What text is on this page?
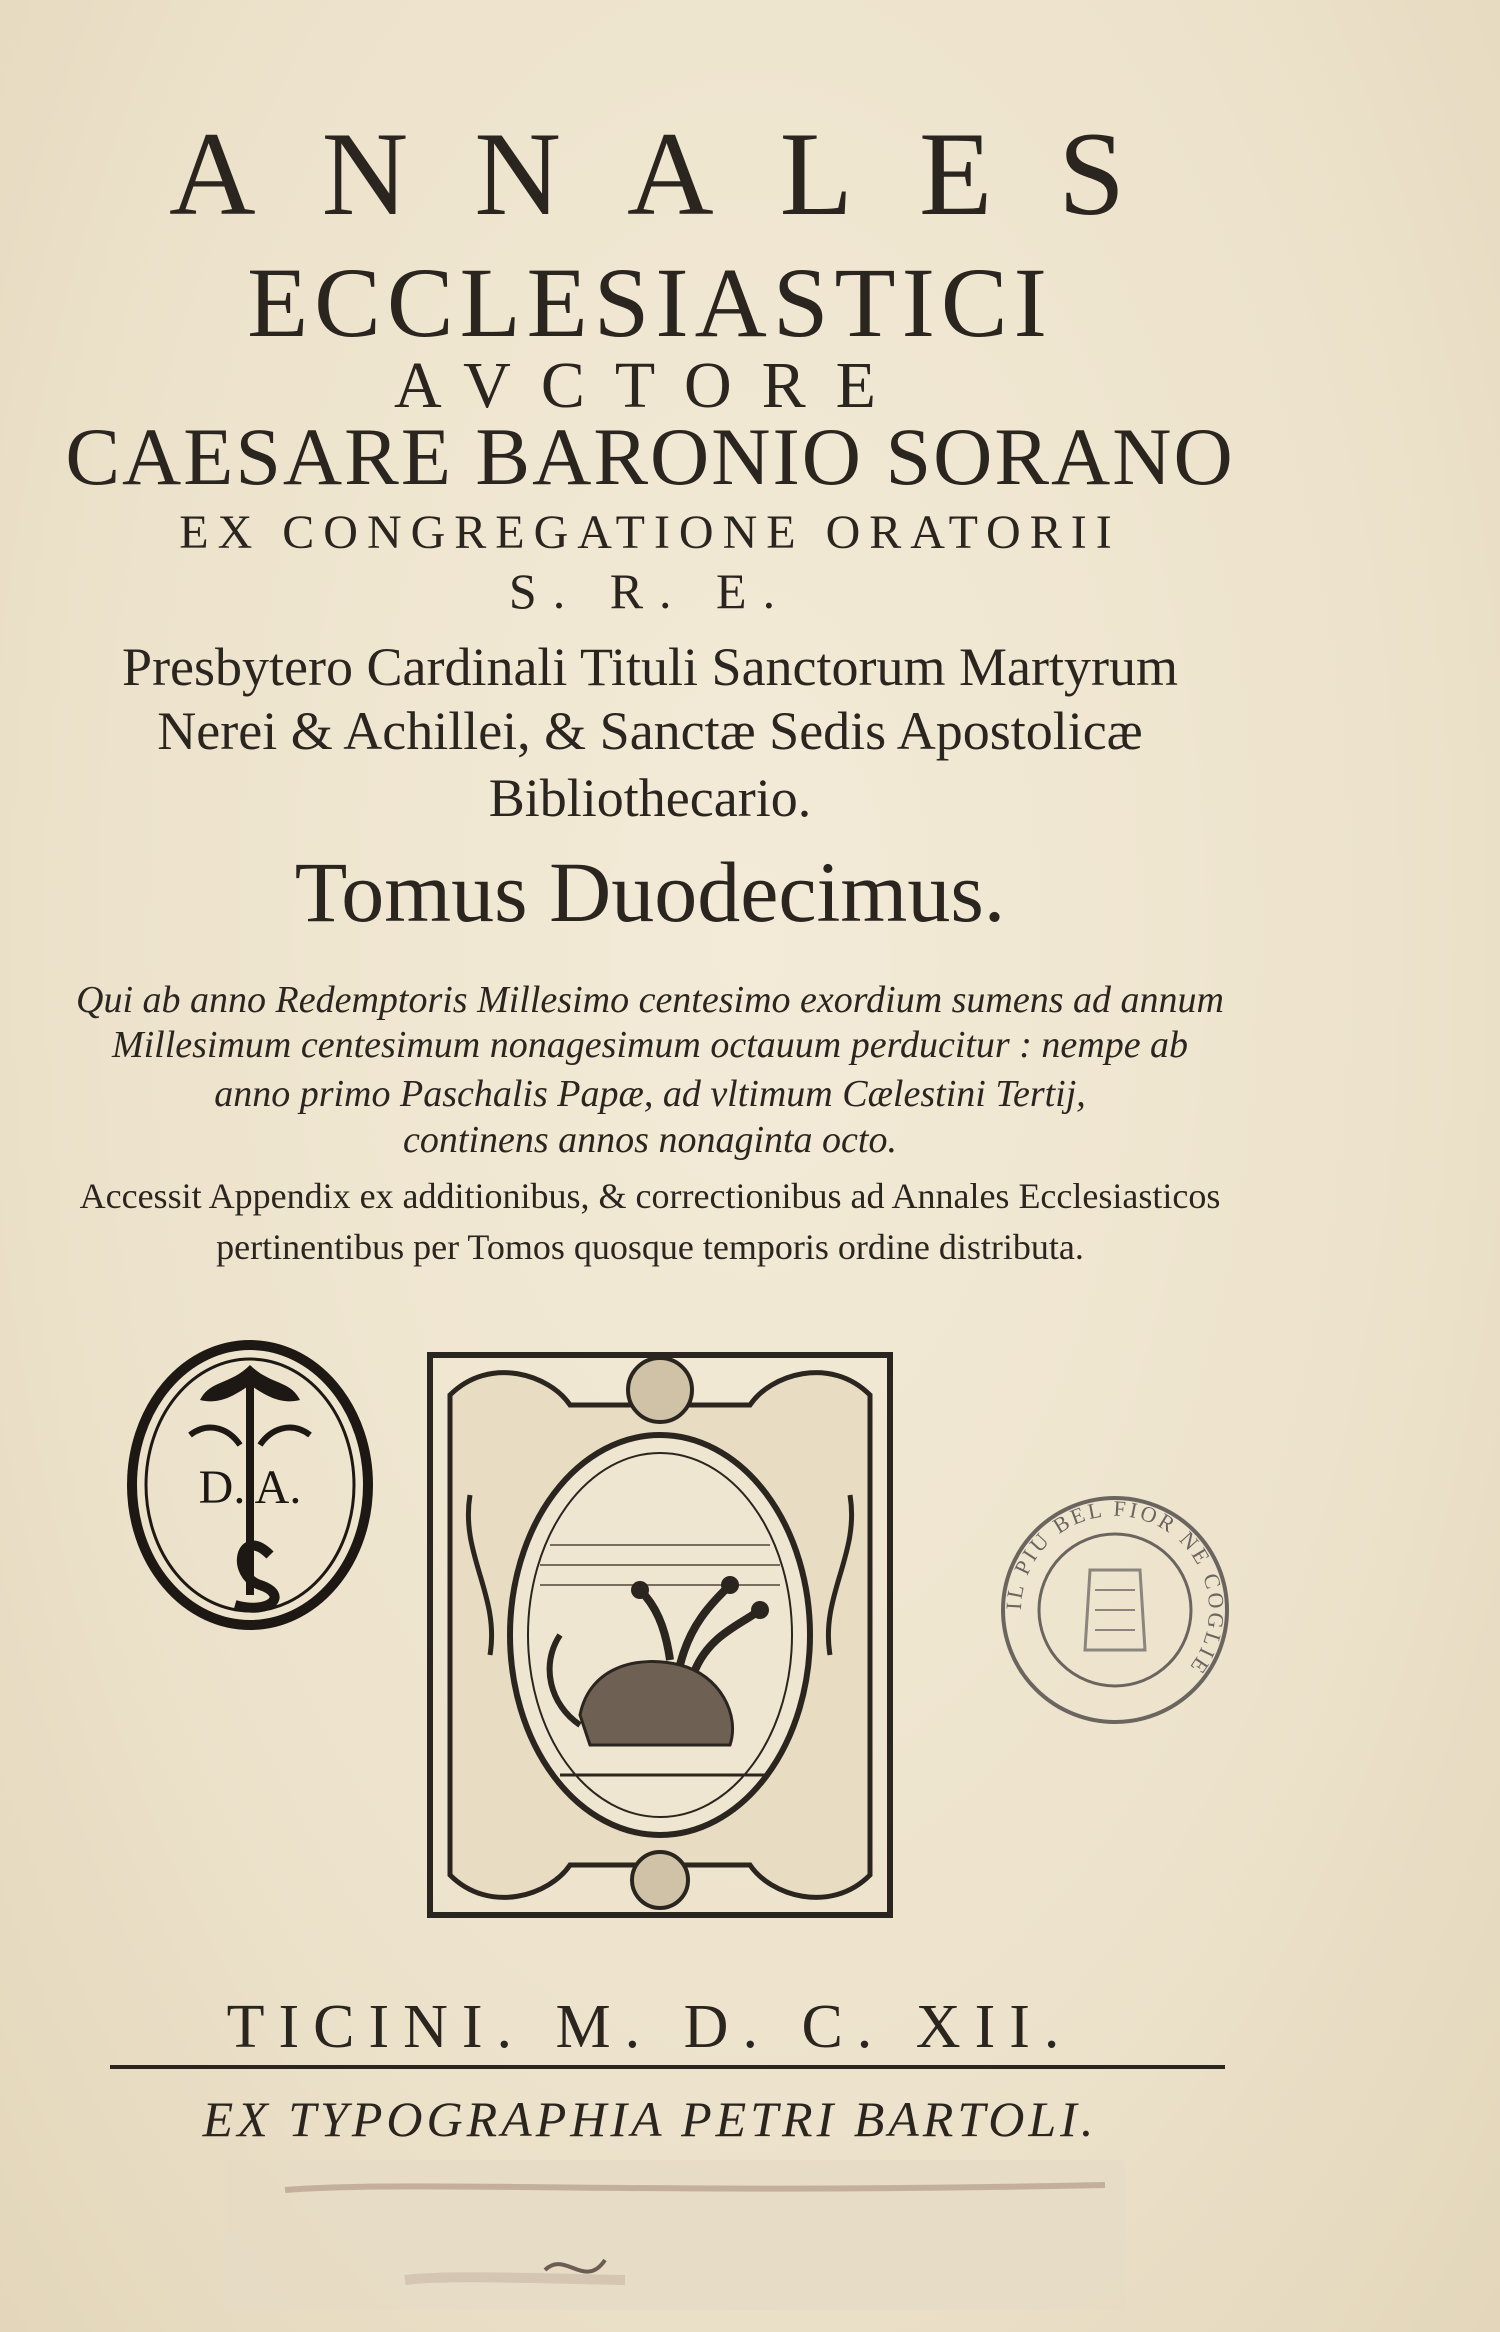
ANNALES
ECCLESIASTICI
AVCTORE
CAESARE BARONIO SORANO
EX CONGREGATIONE ORATORII
S. R. E.
Presbytero Cardinali Tituli Sanctorum Martyrum
Nerei & Achillei, & Sanctæ Sedis Apostolicæ
Bibliothecario.
Tomus Duodecimus.
Qui ab anno Redemptoris Millesimo centesimo exordium sumens ad annum
Millesimum centesimum nonagesimum octauum perducitur : nempe ab
anno primo Paschalis Papæ, ad vltimum Cælestini Tertij,
continens annos nonaginta octo.
Accessit Appendix ex additionibus, & correctionibus ad Annales Ecclesiasticos
pertinentibus per Tomos quosque temporis ordine distributa.
D. A.
IL PIU BEL FIOR NE COGLIE
TICINI. M. D. C. XII.
EX TYPOGRAPHIA PETRI BARTOLI.
